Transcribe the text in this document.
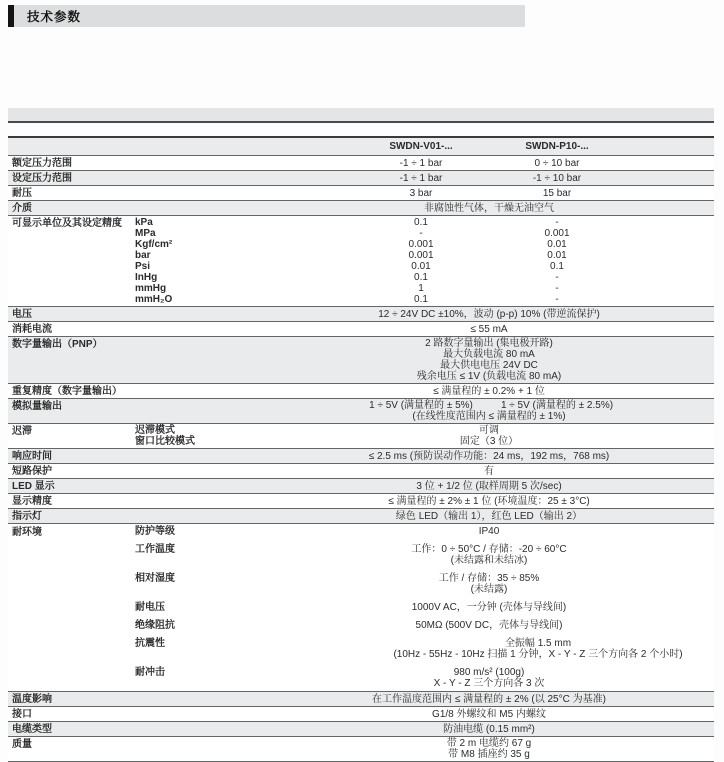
技术参数
SWDN-V01-...	SWDN-P10-...
额定压力范围	-1 ÷ 1 bar	0 ÷ 10 bar
设定压力范围	-1 ÷ 1 bar	-1 ÷ 10 bar
耐压	3 bar	15 bar
介质	非腐蚀性气体，干燥无油空气
可显示单位及其设定精度	kPa	0.1	-
MPa	-	0.001
Kgf/cm²	0.001	0.01
bar	0.001	0.01
Psi	0.01	0.1
InHg	0.1	-
mmHg	1	-
mmH₂O	0.1	-
电压	12 ÷ 24V DC ±10%，波动 (p-p) 10% (带逆流保护)
消耗电流	≤ 55 mA
数字量输出（PNP）	2 路数字量输出 (集电极开路)
最大负载电流 80 mA
最大供电电压 24V DC
残余电压 ≤ 1V (负载电流 80 mA)
重复精度（数字量输出）	≤ 满量程的 ± 0.2% + 1 位
模拟量输出	1 ÷ 5V (满量程的 ± 5%)	1 ÷ 5V (满量程的 ± 2.5%)
(在线性度范围内 ≤ 满量程的 ± 1%)
迟滞	迟滞模式	可调
窗口比较模式	固定（3 位）
响应时间	≤ 2.5 ms (预防误动作功能：24 ms，192 ms，768 ms)
短路保护	有
LED 显示	3 位 + 1/2 位 (取样周期 5 次/sec)
显示精度	≤ 满量程的 ± 2% ± 1 位 (环境温度：25 ± 3°C)
指示灯	绿色 LED（输出 1），红色 LED（输出 2）
耐环境	防护等级	IP40
工作温度	工作：0 ÷ 50°C / 存储：-20 ÷ 60°C
(未结露和未结冰)
相对湿度	工作 / 存储：35 ÷ 85%
(未结露)
耐电压	1000V AC，一分钟 (壳体与导线间)
绝缘阻抗	50MΩ (500V DC，壳体与导线间)
抗震性	全振幅 1.5 mm
(10Hz - 55Hz - 10Hz 扫描 1 分钟，X - Y - Z 三个方向各 2 个小时)
耐冲击	980 m/s² (100g)
X - Y - Z 三个方向各 3 次
温度影响	在工作温度范围内 ≤ 满量程的 ± 2% (以 25°C 为基准)
接口	G1/8 外螺纹和 M5 内螺纹
电缆类型	防油电缆 (0.15 mm²)
质量	带 2 m 电缆约 67 g
带 M8 插座约 35 g
